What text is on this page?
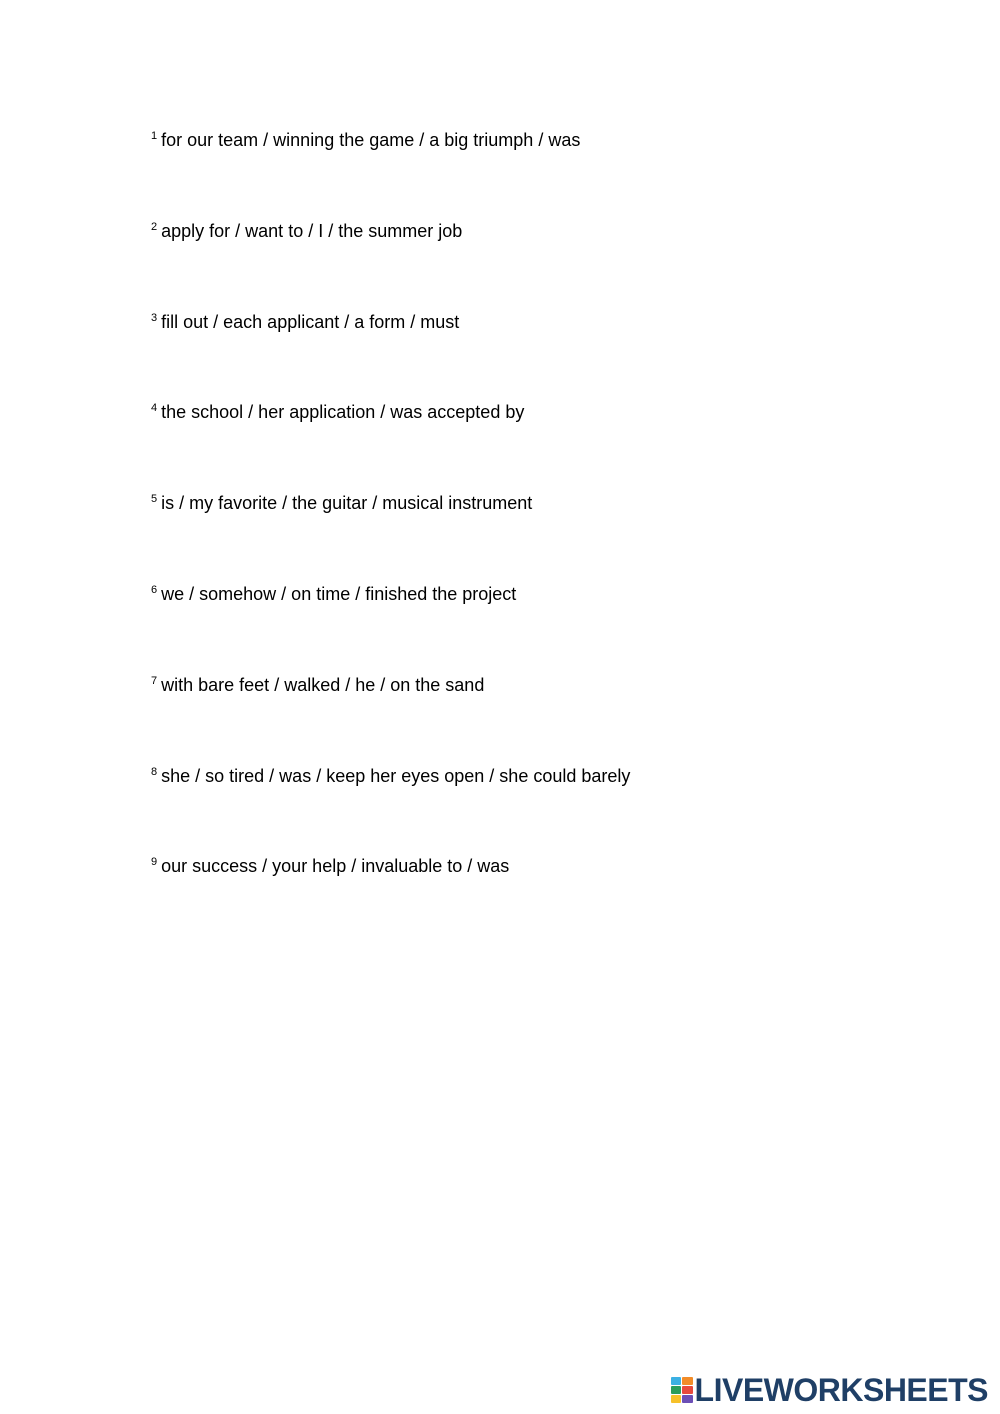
$^1$ for our team / winning the game / a big triumph / was
$^2$ apply for / want to / I / the summer job
$^3$ fill out / each applicant / a form / must
$^4$ the school / her application / was accepted by
$^5$ is / my favorite / the guitar / musical instrument
$^6$ we / somehow / on time / finished the project
$^7$ with bare feet / walked / he / on the sand
$^8$ she / so tired / was / keep her eyes open / she could barely
$^9$ our success / your help / invaluable to / was
LIVEWORKSHEETS
